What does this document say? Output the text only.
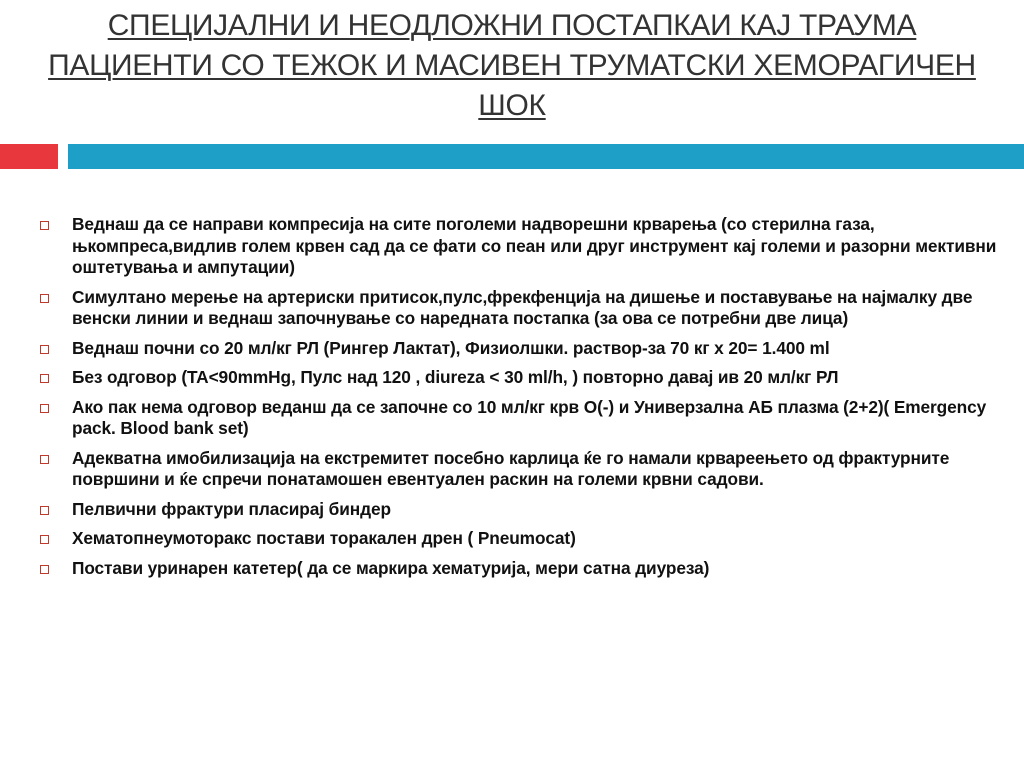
СПЕЦИЈАЛНИ И НЕОДЛОЖНИ ПОСТАПКАИ КАЈ ТРАУМА ПАЦИЕНТИ СО ТЕЖОК И МАСИВЕН ТРУМАТСКИ ХЕМОРАГИЧЕН ШОК
Веднаш да се направи компресија на сите поголеми надворешни крварења (со стерилна газа, њкомпреса,видлив голем крвен сад да се фати со пеан или друг инструмент кај големи и разорни мективни оштетувања и ампутации)
Симултано мерење на артериски притисок,пулс,фрекфенција на дишење и поставување на најмалку две венски линии и веднаш започнување со наредната постапка (за ова се потребни две лица)
Веднаш почни со 20 мл/кг РЛ (Рингер Лактат), Физиолшки. раствор-за 70 кг x 20= 1.400 ml
Без одговор (TA<90mmHg, Пулс над 120 , diureza < 30 ml/h, ) повторно давај ив 20 мл/кг РЛ
Ако пак нема одговор веданш да се започне со 10 мл/кг крв О(-) и Универзална АБ плазма (2+2)( Emergency pack. Blood bank set)
Адекватна имобилизација на екстремитет посебно карлица ќе го намали крвареењето од фрактурните површини и ќе спречи понатамошен евентуален раскин на големи крвни садови.
Пелвични фрактури пласирај биндер
Хематопнеумоторакс постави торакален дрен ( Pneumocat)
Постави уринарен катетер( да се маркира хематурија, мери сатна диуреза)
